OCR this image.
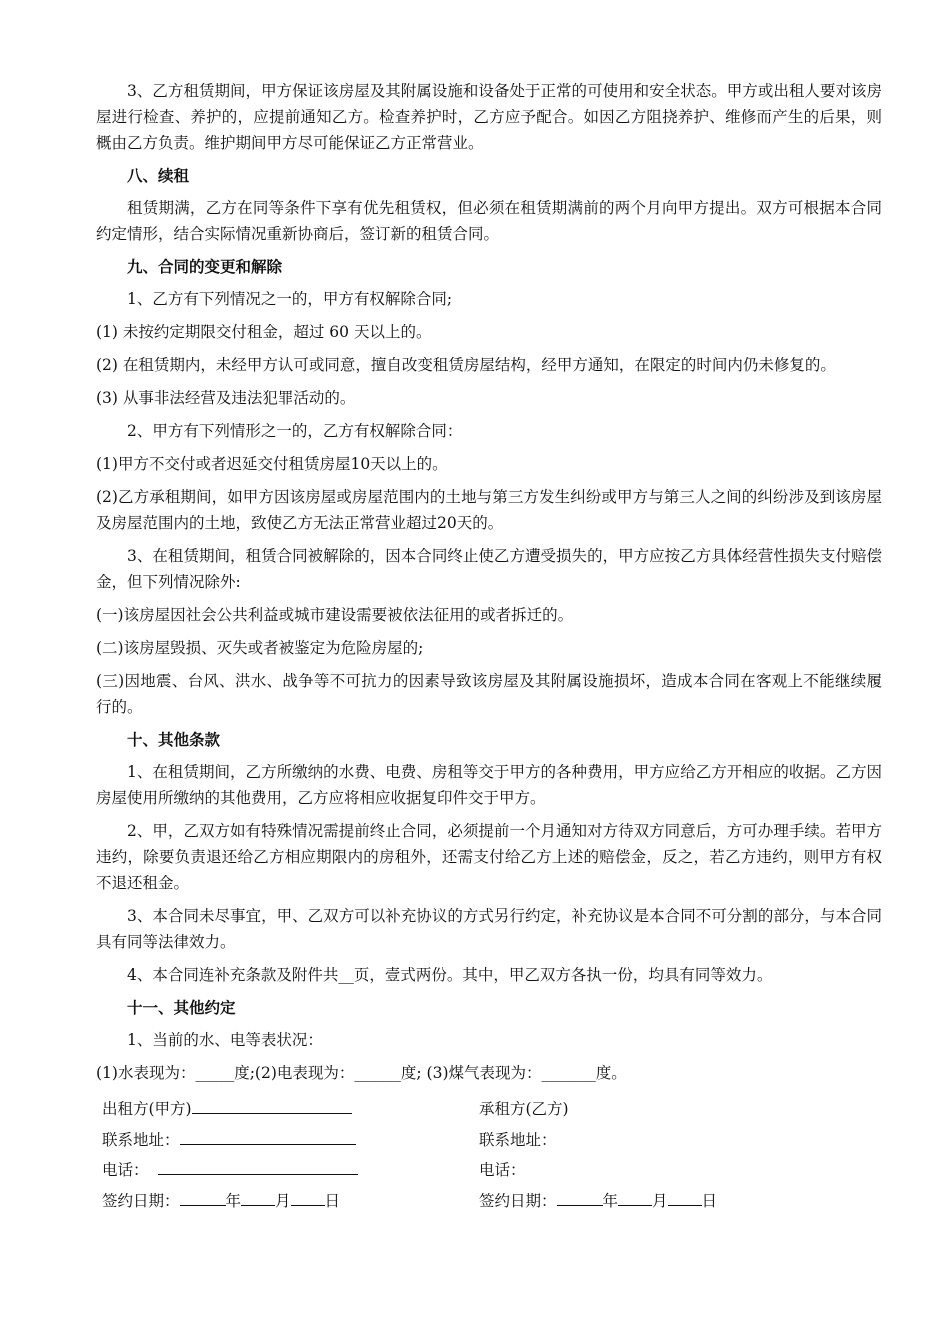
3、乙方租赁期间，甲方保证该房屋及其附属设施和设备处于正常的可使用和安全状态。甲方或出租人要对该房屋进行检查、养护的，应提前通知乙方。检查养护时，乙方应予配合。如因乙方阻挠养护、维修而产生的后果，则概由乙方负责。维护期间甲方尽可能保证乙方正常营业。

八、续租

租赁期满，乙方在同等条件下享有优先租赁权，但必须在租赁期满前的两个月向甲方提出。双方可根据本合同约定情形，结合实际情况重新协商后，签订新的租赁合同。

九、合同的变更和解除

1、乙方有下列情况之一的，甲方有权解除合同;

(1) 未按约定期限交付租金，超过 60 天以上的。

(2) 在租赁期内，未经甲方认可或同意，擅自改变租赁房屋结构，经甲方通知，在限定的时间内仍未修复的。

(3) 从事非法经营及违法犯罪活动的。

2、甲方有下列情形之一的，乙方有权解除合同：

(1)甲方不交付或者迟延交付租赁房屋10天以上的。

(2)乙方承租期间，如甲方因该房屋或房屋范围内的土地与第三方发生纠纷或甲方与第三人之间的纠纷涉及到该房屋及房屋范围内的土地，致使乙方无法正常营业超过20天的。

3、在租赁期间，租赁合同被解除的，因本合同终止使乙方遭受损失的，甲方应按乙方具体经营性损失支付赔偿金，但下列情况除外:

(一)该房屋因社会公共利益或城市建设需要被依法征用的或者拆迁的。

(二)该房屋毁损、灭失或者被鉴定为危险房屋的;

(三)因地震、台风、洪水、战争等不可抗力的因素导致该房屋及其附属设施损坏，造成本合同在客观上不能继续履行的。

十、其他条款

1、在租赁期间，乙方所缴纳的水费、电费、房租等交于甲方的各种费用，甲方应给乙方开相应的收据。乙方因房屋使用所缴纳的其他费用，乙方应将相应收据复印件交于甲方。

2、甲，乙双方如有特殊情况需提前终止合同，必须提前一个月通知对方待双方同意后，方可办理手续。若甲方违约，除要负责退还给乙方相应期限内的房租外，还需支付给乙方上述的赔偿金，反之，若乙方违约，则甲方有权不退还租金。

3、本合同未尽事宜，甲、乙双方可以补充协议的方式另行约定，补充协议是本合同不可分割的部分，与本合同具有同等法律效力。

4、本合同连补充条款及附件共__页，壹式两份。其中，甲乙双方各执一份，均具有同等效力。

十一、其他约定

1、当前的水、电等表状况：

(1)水表现为：_____度;(2)电表现为：______度; (3)煤气表现为：_______度。

出租方(甲方)
联系地址：
电话：
签约日期：	年 月 日
承租方(乙方)
联系地址：
电话：
签约日期：	年 月 日
